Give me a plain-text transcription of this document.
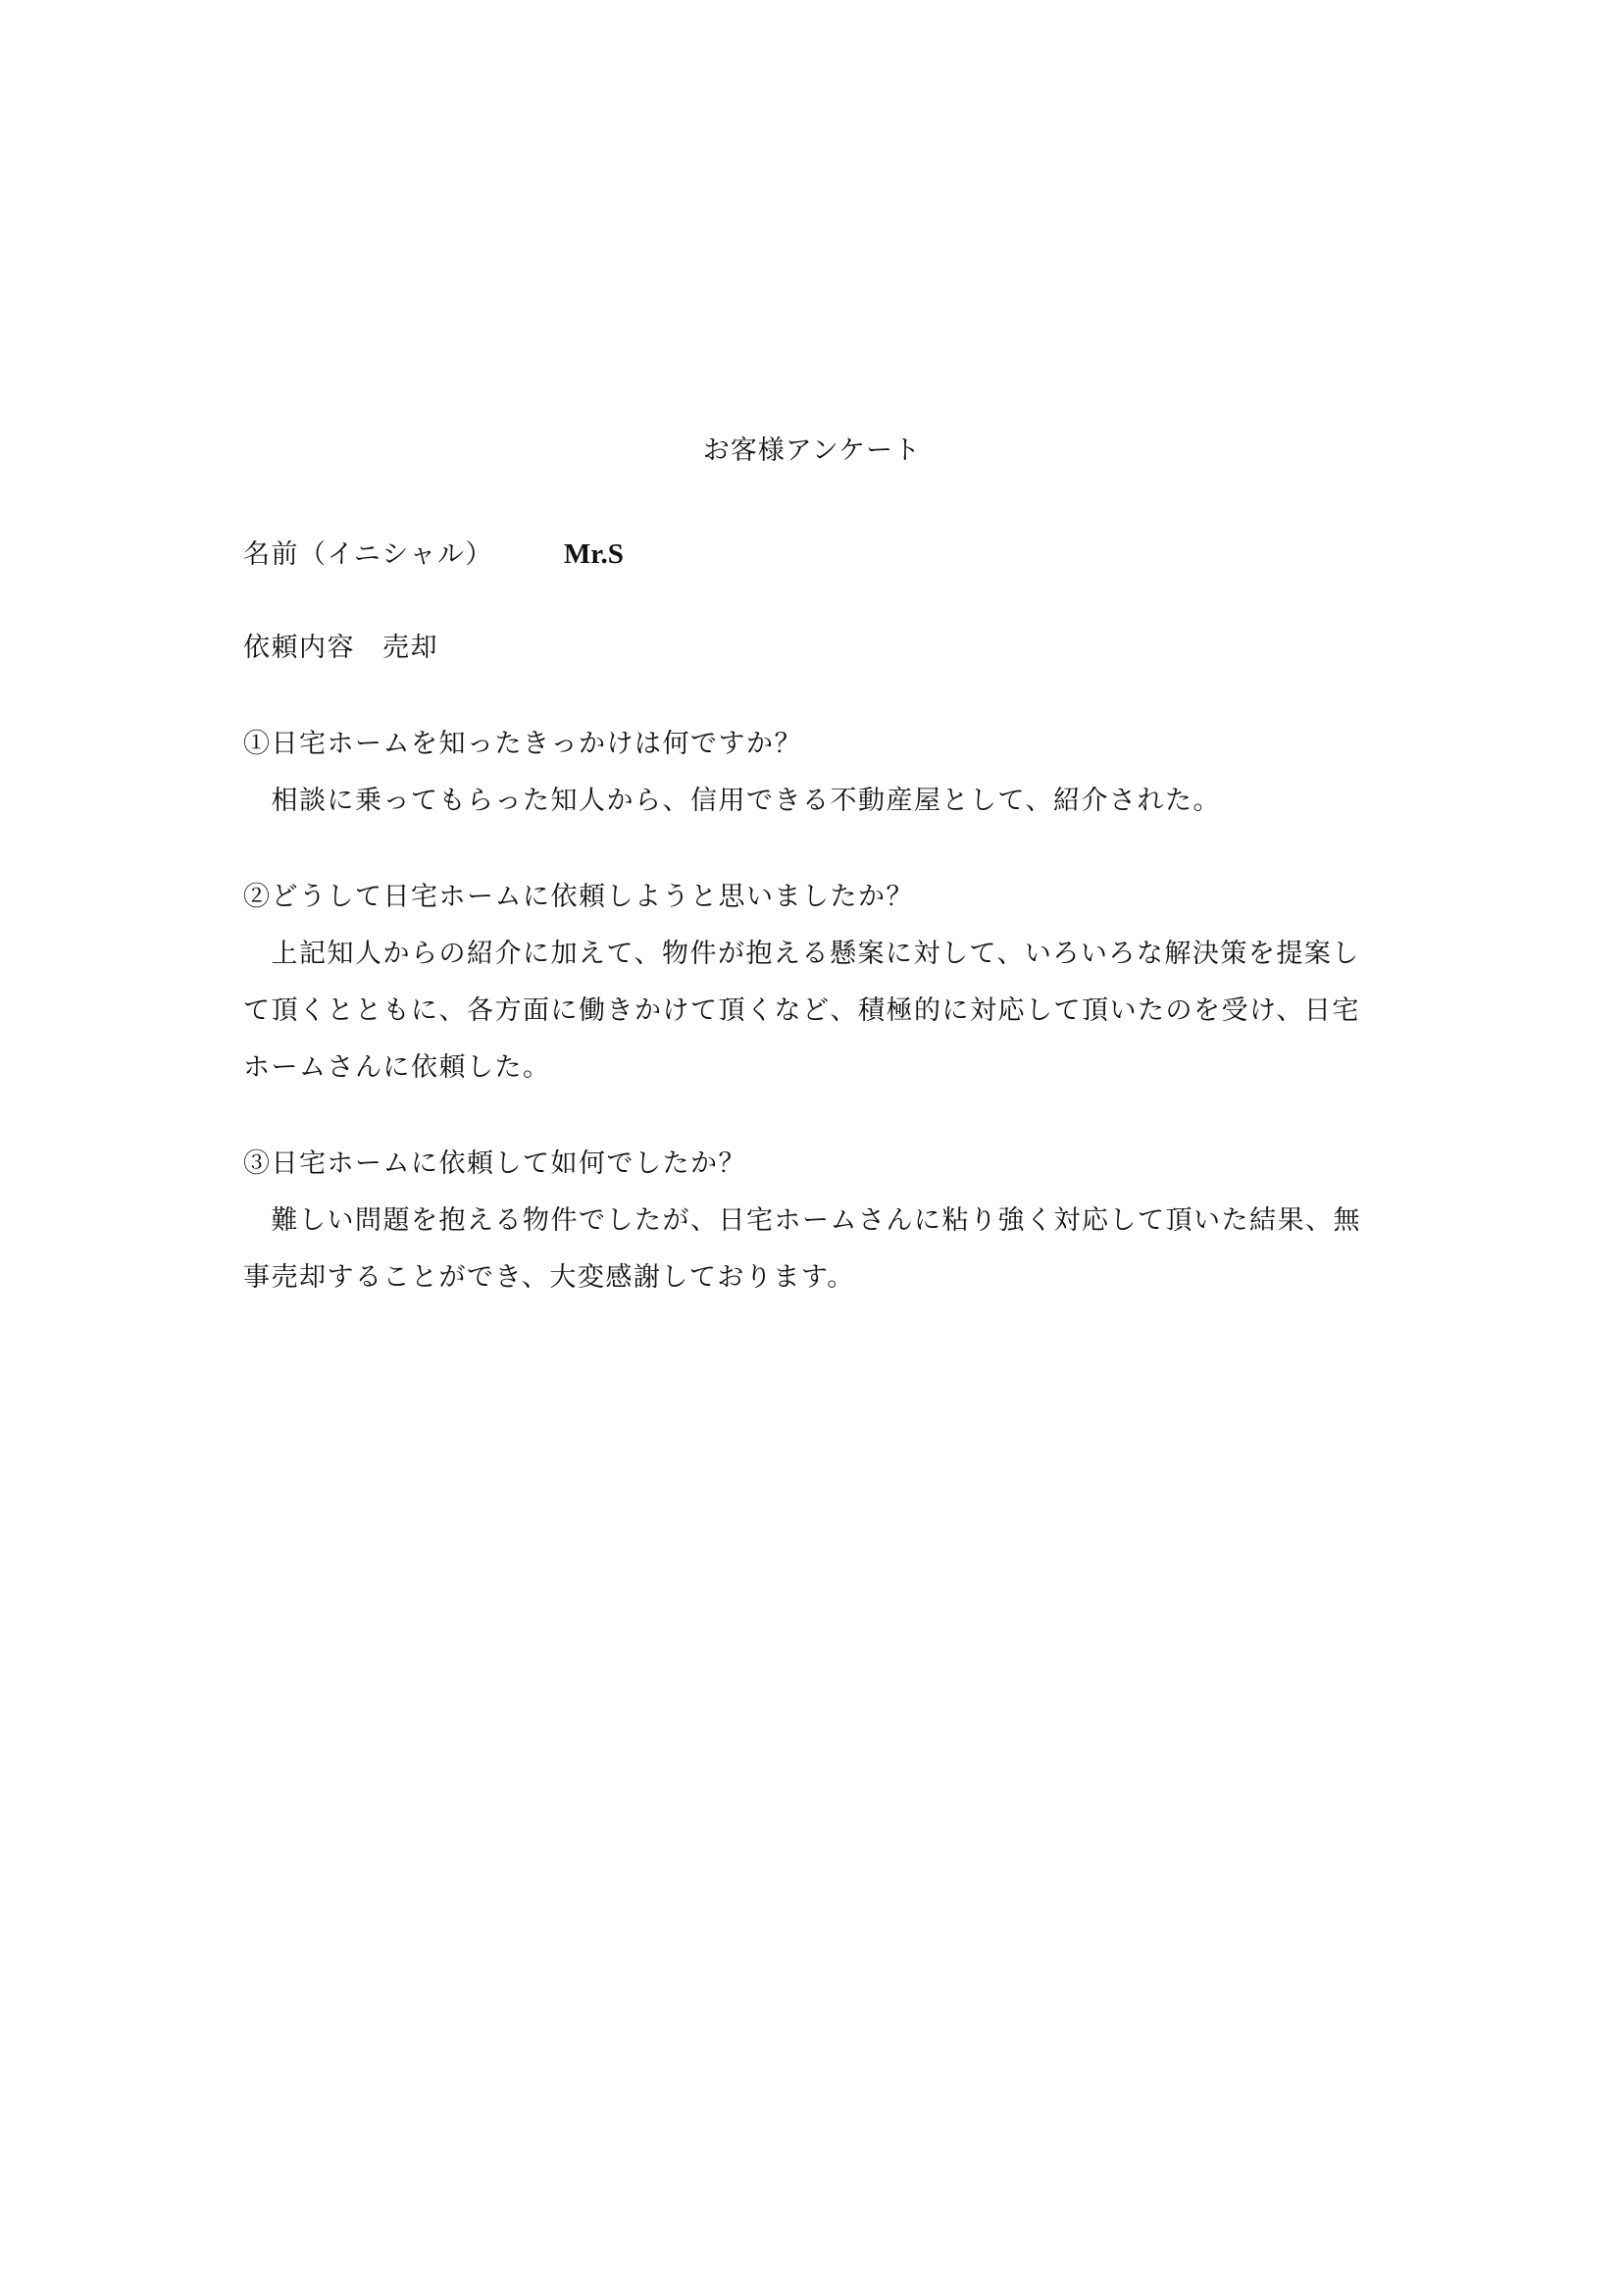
お客様アンケート
名前（イニシャル） Mr.S
依頼内容 売却
①日宅ホームを知ったきっかけは何ですか？
　相談に乗ってもらった知人から、信用できる不動産屋として、紹介された。
②どうして日宅ホームに依頼しようと思いましたか？
　上記知人からの紹介に加えて、物件が抱える懸案に対して、いろいろな解決策を提案し
て頂くとともに、各方面に働きかけて頂くなど、積極的に対応して頂いたのを受け、日宅
ホームさんに依頼した。
③日宅ホームに依頼して如何でしたか？
　難しい問題を抱える物件でしたが、日宅ホームさんに粘り強く対応して頂いた結果、無
事売却することができ、大変感謝しております。
